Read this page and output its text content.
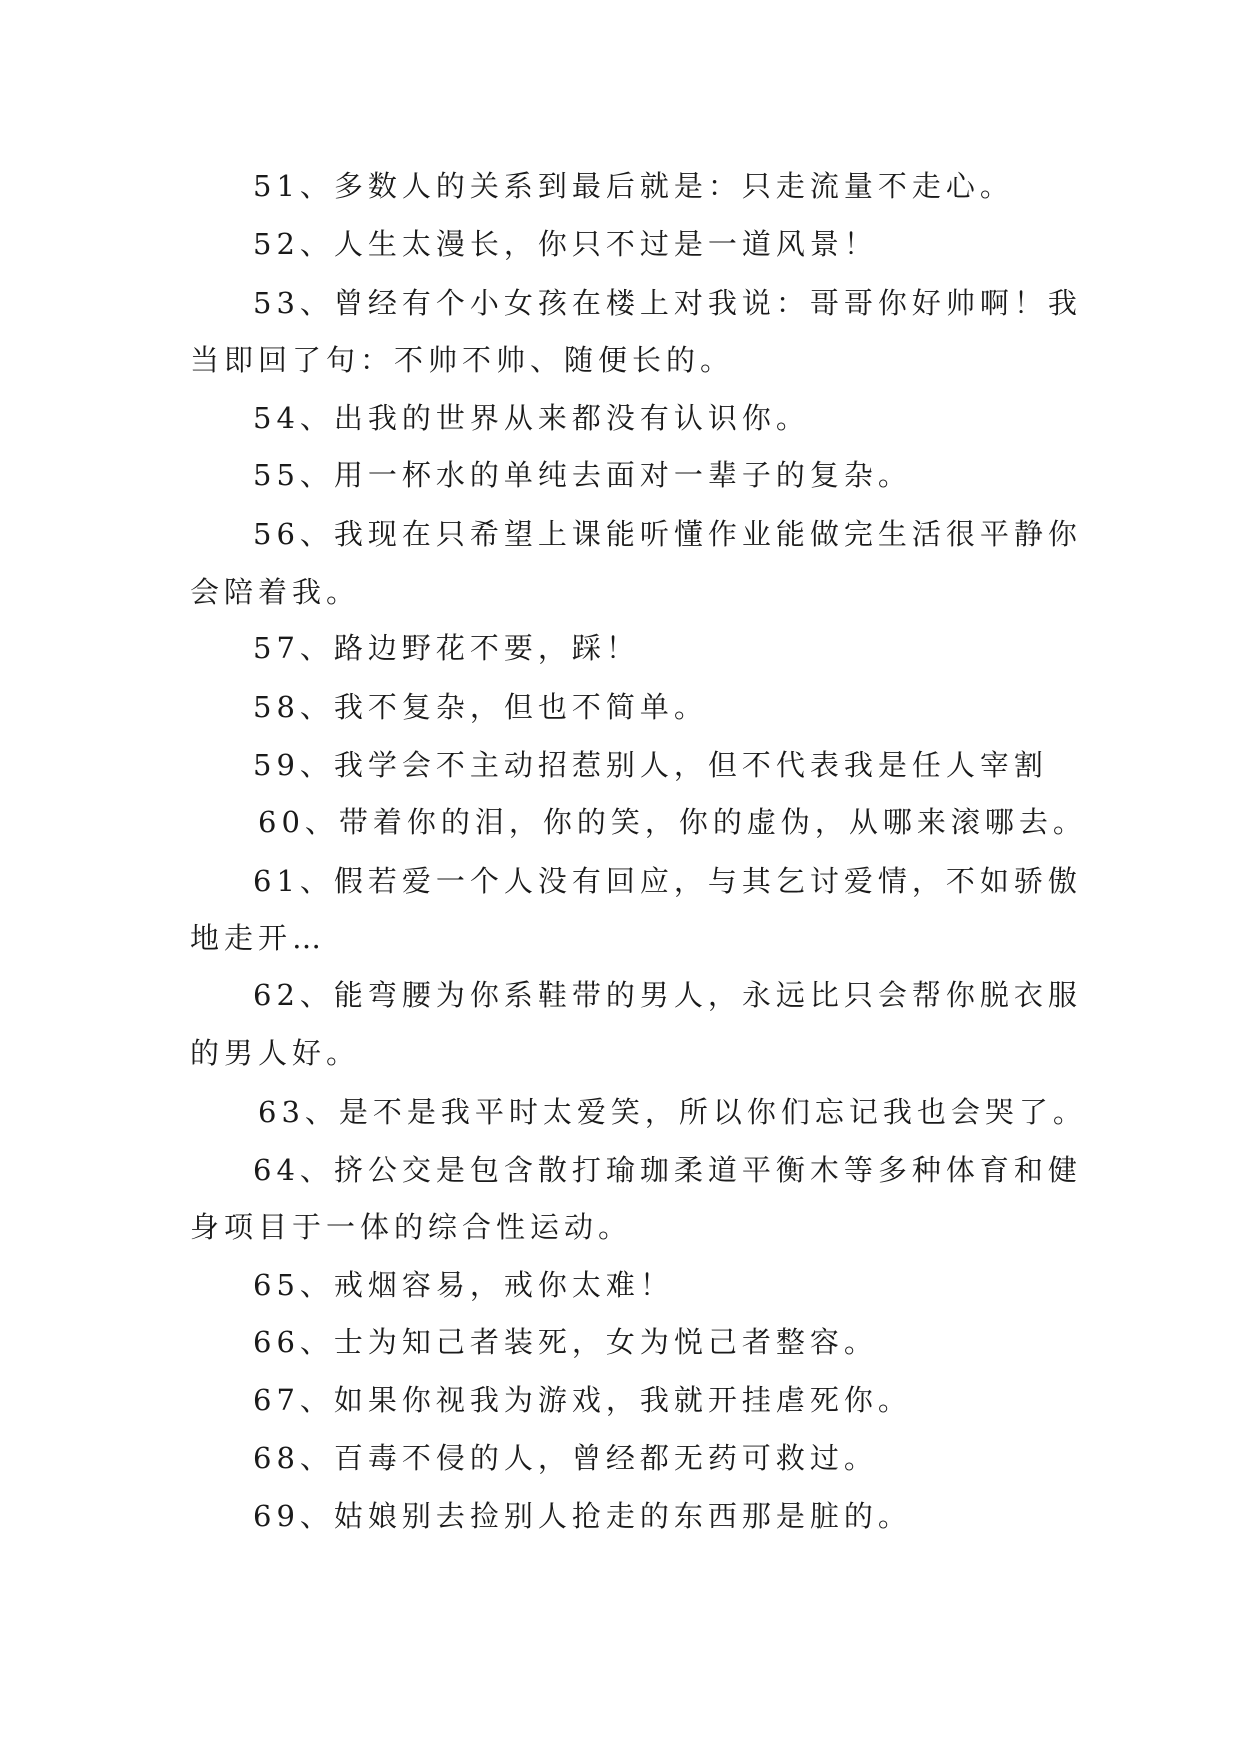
51、多数人的关系到最后就是：只走流量不走心。
52、人生太漫长，你只不过是一道风景！
53、曾经有个小女孩在楼上对我说：哥哥你好帅啊！我
当即回了句：不帅不帅、随便长的。
54、出我的世界从来都没有认识你。
55、用一杯水的单纯去面对一辈子的复杂。
56、我现在只希望上课能听懂作业能做完生活很平静你
会陪着我。
57、路边野花不要，踩！
58、我不复杂，但也不简单。
59、我学会不主动招惹别人，但不代表我是任人宰割
60、带着你的泪，你的笑，你的虚伪，从哪来滚哪去。
61、假若爱一个人没有回应，与其乞讨爱情，不如骄傲
地走开…
62、能弯腰为你系鞋带的男人，永远比只会帮你脱衣服
的男人好。
63、是不是我平时太爱笑，所以你们忘记我也会哭了。
64、挤公交是包含散打瑜珈柔道平衡木等多种体育和健
身项目于一体的综合性运动。
65、戒烟容易，戒你太难！
66、士为知己者装死，女为悦己者整容。
67、如果你视我为游戏，我就开挂虐死你。
68、百毒不侵的人，曾经都无药可救过。
69、姑娘别去捡别人抢走的东西那是脏的。
